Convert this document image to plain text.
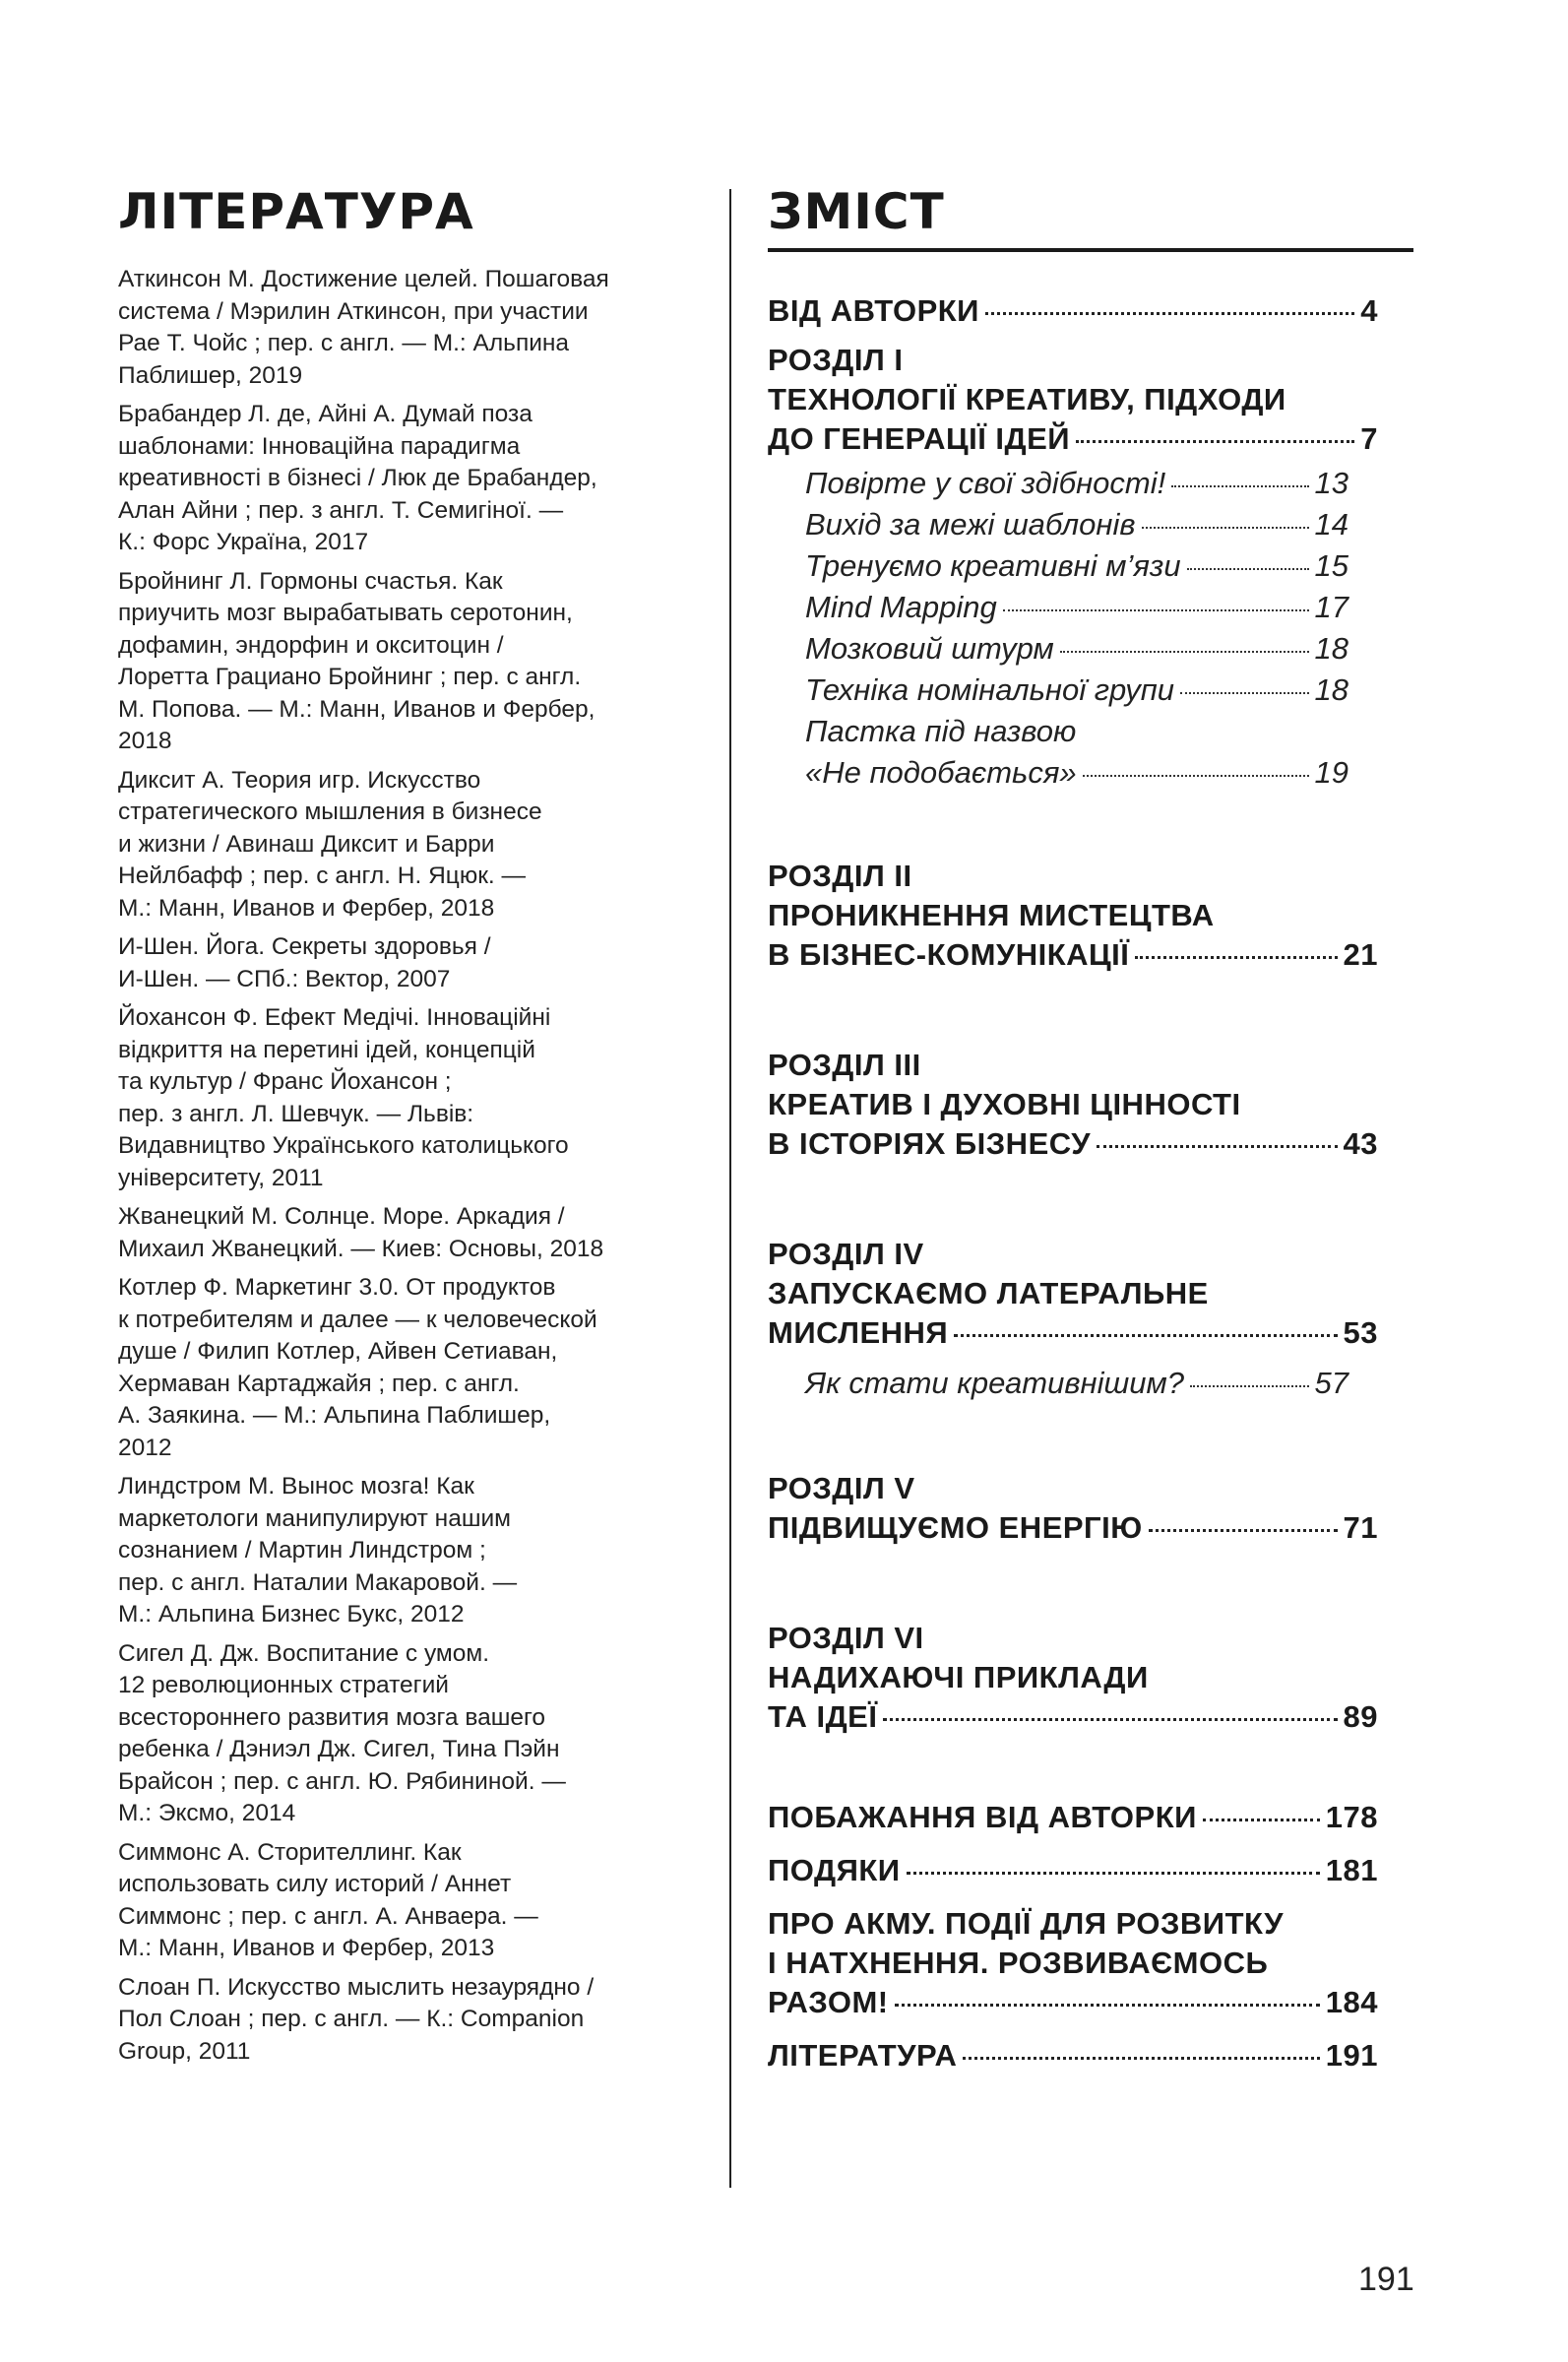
ЛІТЕРАТУРА

Аткинсон М. Достижение целей. Пошаговая
система / Мэрилин Аткинсон, при участии
Рае Т. Чойс ; пер. с англ. — М.: Альпина
Паблишер, 2019

Брабандер Л. де, Айні А. Думай поза
шаблонами: Інноваційна парадигма
креативності в бізнесі / Люк де Брабандер,
Алан Айни ; пер. з англ. Т. Семигіної. —
К.: Форс Україна, 2017

Бройнинг Л. Гормоны счастья. Как
приучить мозг вырабатывать серотонин,
дофамин, эндорфин и окситоцин /
Лоретта Грациано Бройнинг ; пер. с англ.
М. Попова. — М.: Манн, Иванов и Фербер,
2018

Диксит А. Теория игр. Искусство
стратегического мышления в бизнесе
и жизни / Авинаш Диксит и Барри
Нейлбафф ; пер. с англ. Н. Яцюк. —
М.: Манн, Иванов и Фербер, 2018

И-Шен. Йога. Секреты здоровья /
И-Шен. — СПб.: Вектор, 2007

Йохансон Ф. Ефект Медічі. Інноваційні
відкриття на перетині ідей, концепцій
та культур / Франс Йохансон ;
пер. з англ. Л. Шевчук. — Львів:
Видавництво Українського католицького
університету, 2011

Жванецкий М. Солнце. Море. Аркадия /
Михаил Жванецкий. — Киев: Основы, 2018

Котлер Ф. Маркетинг 3.0. От продуктов
к потребителям и далее — к человеческой
душе / Филип Котлер, Айвен Сетиаван,
Хермаван Картаджайя ; пер. с англ.
А. Заякина. — М.: Альпина Паблишер,
2012

Линдстром М. Вынос мозга! Как
маркетологи манипулируют нашим
сознанием / Мартин Линдстром ;
пер. с англ. Наталии Макаровой. —
М.: Альпина Бизнес Букс, 2012

Сигел Д. Дж. Воспитание с умом.
12 революционных стратегий
всестороннего развития мозга вашего
ребенка / Дэниэл Дж. Сигел, Тина Пэйн
Брайсон ; пер. с англ. Ю. Рябининой. —
М.: Эксмо, 2014

Симмонс А. Сторителлинг. Как
использовать силу историй / Аннет
Симмонс ; пер. с англ. А. Анваера. —
М.: Манн, Иванов и Фербер, 2013

Слоан П. Искусство мыслить незаурядно /
Пол Слоан ; пер. с англ. — К.: Companion
Group, 2011

ЗМІСТ
ВІД АВТОРКИ	4
РОЗДІЛ І
ТЕХНОЛОГІЇ КРЕАТИВУ, ПІДХОДИ
ДО ГЕНЕРАЦІЇ ІДЕЙ	7
Повірте у свої здібності!	13
Вихід за межі шаблонів	14
Тренуємо креативні м’язи	15
Mind Mapping	17
Мозковий штурм	18
Техніка номінальної групи	18
Пастка під назвою
«Не подобається»	19
РОЗДІЛ ІІ
ПРОНИКНЕННЯ МИСТЕЦТВА
В БІЗНЕС-КОМУНІКАЦІЇ	21
РОЗДІЛ ІІІ
КРЕАТИВ І ДУХОВНІ ЦІННОСТІ
В ІСТОРІЯХ БІЗНЕСУ	43
РОЗДІЛ IV
ЗАПУСКАЄМО ЛАТЕРАЛЬНЕ
МИСЛЕННЯ	53
Як стати креативнішим?	57
РОЗДІЛ V
ПІДВИЩУЄМО ЕНЕРГІЮ	71
РОЗДІЛ VI
НАДИХАЮЧІ ПРИКЛАДИ
ТА ІДЕЇ	89
ПОБАЖАННЯ ВІД АВТОРКИ	178
ПОДЯКИ	181
ПРО АКМУ. ПОДІЇ ДЛЯ РОЗВИТКУ
І НАТХНЕННЯ. РОЗВИВАЄМОСЬ
РАЗОМ!	184
ЛІТЕРАТУРА	191
191
